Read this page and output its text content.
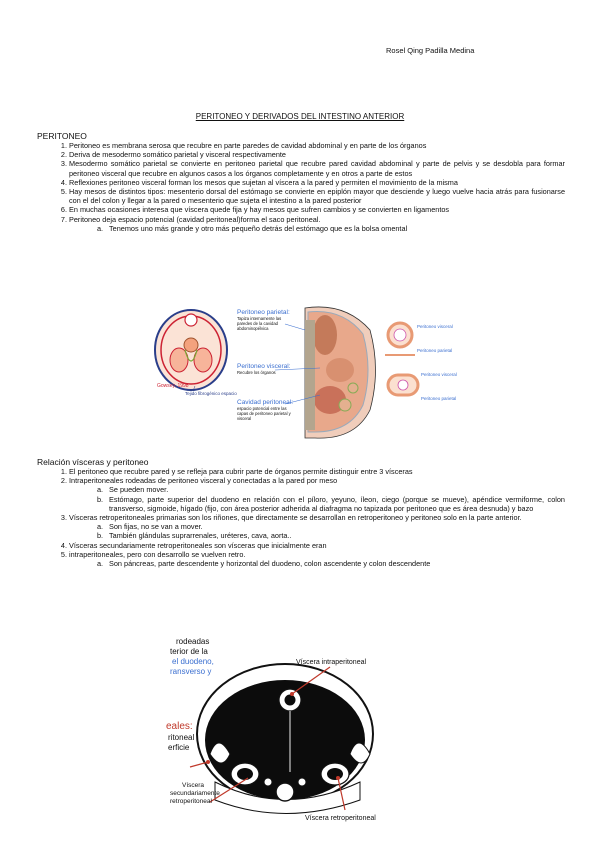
Rosel Qing Padilla Medina
PERITONEO Y DERIVADOS DEL INTESTINO ANTERIOR
PERITONEO
1. Peritoneo es membrana serosa que recubre en parte paredes de cavidad abdominal y en parte de los órganos
2. Deriva de mesodermo somático parietal y visceral respectivamente
3. Mesodermo somático parietal se convierte en peritoneo parietal que recubre pared cavidad abdominal y parte de pelvis y se desdobla para formar peritoneo visceral que recubre en algunos casos a los órganos completamente y en otros a parte de estos
4. Reflexiones peritoneo visceral forman los mesos que sujetan al víscera a la pared y permiten el movimiento de la misma
5. Hay mesos de distintos tipos: mesenterio dorsal del estómago se convierte en epiplón mayor que desciende y luego vuelve hacia atrás para fusionarse con el del colon y llegar a la pared o mesenterio que sujeta el intestino a la pared posterior
6. En muchas ocasiones interesa que víscera quede fija y hay mesos que sufren cambios y se convierten en ligamentos
7. Peritoneo deja espacio potencial (cavidad peritoneal)forma el saco peritoneal.
a. Tenemos uno más grande y otro más pequeño detrás del estómago que es la bolsa omental
Gowsey, 1998
Tejido fibrogénico espacio
Peritoneo parietal:
Tapiza internamente las paredes de la cavidad abdominopélvica
Peritoneo visceral:
Recubre los órganos
Cavidad peritoneal:
espacio potencial entre las capas de peritoneo parietal y visceral
Peritoneo visceral
Peritoneo parietal
Peritoneo visceral
Peritoneo parietal
Relación vísceras y peritoneo
1. El peritoneo que recubre pared y se refleja para cubrir parte de órganos permite distinguir entre 3 vísceras
2. Intraperitoneales rodeadas de peritoneo visceral y conectadas a la pared por meso
a. Se pueden mover.
b. Estómago, parte superior del duodeno en relación con el píloro, yeyuno, íleon, ciego (porque se mueve), apéndice vermiforme, colon transverso, sigmoide, hígado (fijo, con área posterior adherida al diafragma no tapizada por peritoneo que es área desnuda) y bazo
3. Vísceras retroperitoneales primarias son los riñones, que directamente se desarrollan en retroperitoneo y peritoneo solo en la parte anterior.
a. Son fijas, no se van a mover.
b. También glándulas suprarrenales, uréteres, cava, aorta..
4. Vísceras secundariamente retroperitoneales son vísceras que inicialmente eran
5. intraperitoneales, pero con desarrollo se vuelven retro.
a. Son páncreas, parte descendente y horizontal del duodeno, colon ascendente y colon descendente
rodeadas
terior de la
el duodeno,
ransverso y
eales:
ritoneal
erficie
Víscera intraperitoneal
Víscera
secundariamente
retroperitoneal
Víscera retroperitoneal
